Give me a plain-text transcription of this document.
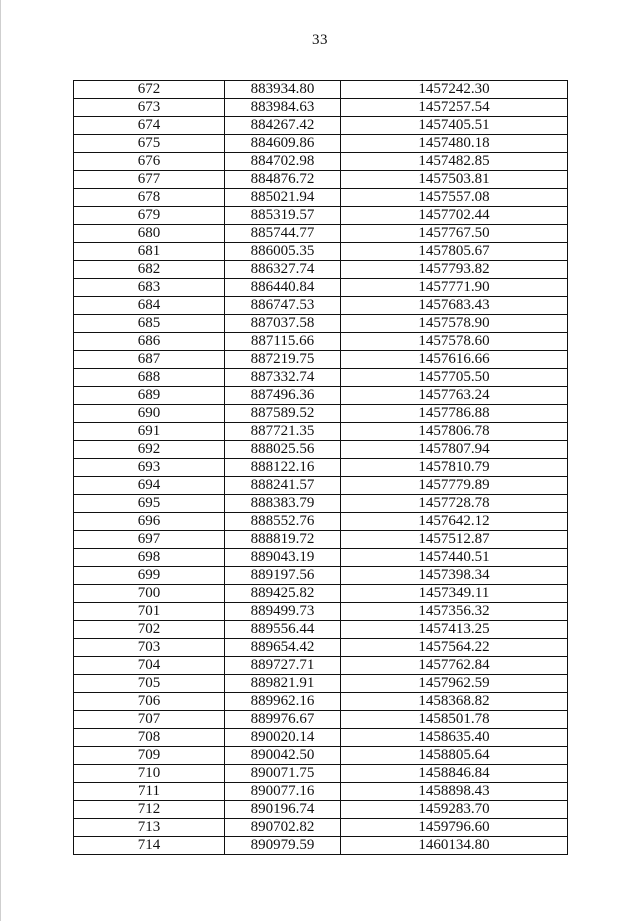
33
672	883934.80	1457242.30
673	883984.63	1457257.54
674	884267.42	1457405.51
675	884609.86	1457480.18
676	884702.98	1457482.85
677	884876.72	1457503.81
678	885021.94	1457557.08
679	885319.57	1457702.44
680	885744.77	1457767.50
681	886005.35	1457805.67
682	886327.74	1457793.82
683	886440.84	1457771.90
684	886747.53	1457683.43
685	887037.58	1457578.90
686	887115.66	1457578.60
687	887219.75	1457616.66
688	887332.74	1457705.50
689	887496.36	1457763.24
690	887589.52	1457786.88
691	887721.35	1457806.78
692	888025.56	1457807.94
693	888122.16	1457810.79
694	888241.57	1457779.89
695	888383.79	1457728.78
696	888552.76	1457642.12
697	888819.72	1457512.87
698	889043.19	1457440.51
699	889197.56	1457398.34
700	889425.82	1457349.11
701	889499.73	1457356.32
702	889556.44	1457413.25
703	889654.42	1457564.22
704	889727.71	1457762.84
705	889821.91	1457962.59
706	889962.16	1458368.82
707	889976.67	1458501.78
708	890020.14	1458635.40
709	890042.50	1458805.64
710	890071.75	1458846.84
711	890077.16	1458898.43
712	890196.74	1459283.70
713	890702.82	1459796.60
714	890979.59	1460134.80
